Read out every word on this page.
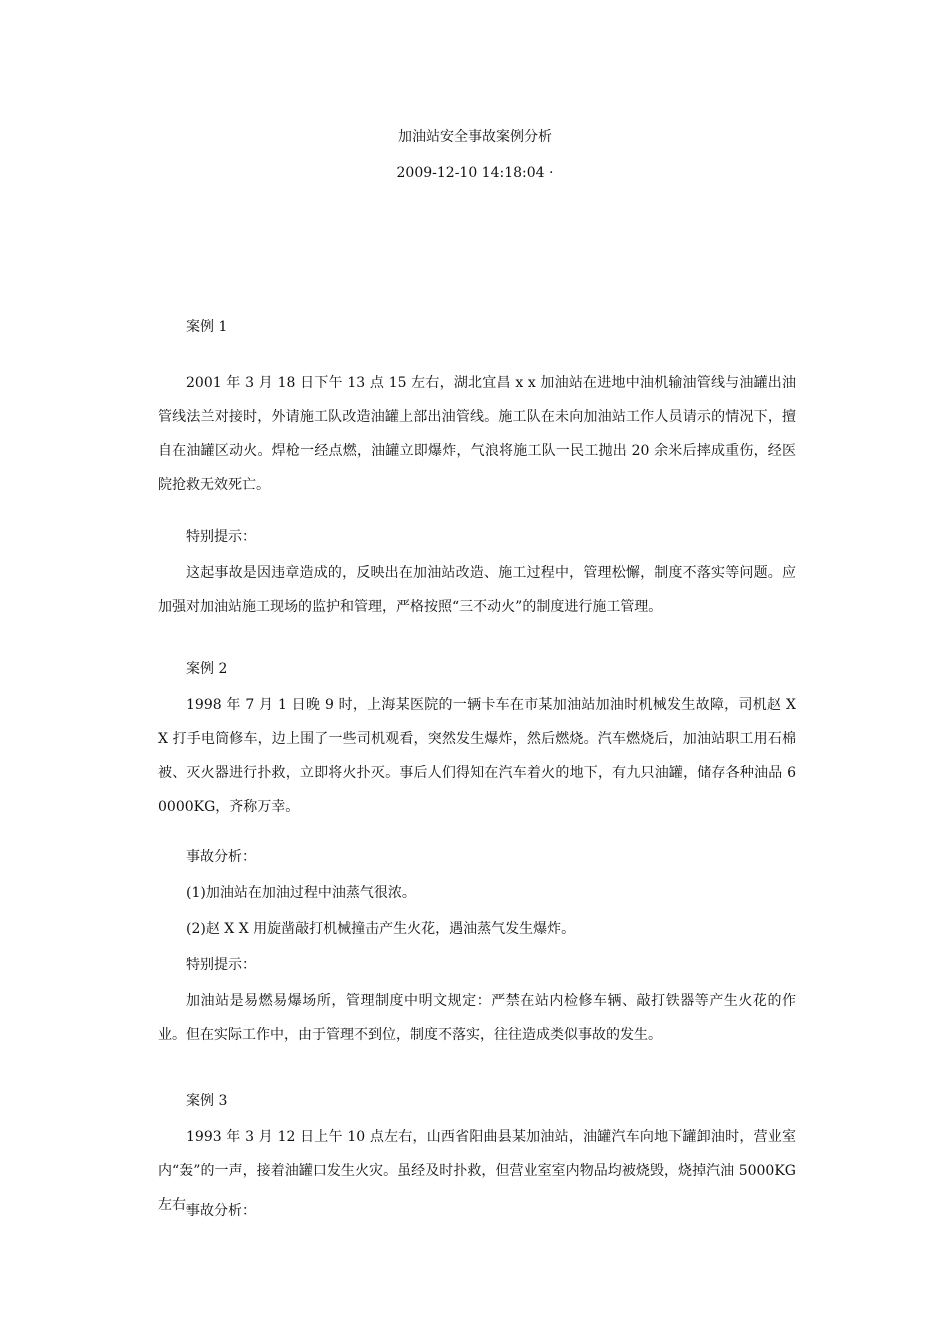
加油站安全事故案例分析
2009-12-10 14:18:04 ·
案例 1
2001 年 3 月 18 日下午 13 点 15 左右，湖北宜昌 x x 加油站在进地中油机输油管线与油罐出油管线法兰对接时，外请施工队改造油罐上部出油管线。施工队在未向加油站工作人员请示的情况下，擅自在油罐区动火。焊枪一经点燃，油罐立即爆炸，气浪将施工队一民工抛出 20 余米后摔成重伤，经医院抢救无效死亡。
特别提示：
这起事故是因违章造成的，反映出在加油站改造、施工过程中，管理松懈，制度不落实等问题。应加强对加油站施工现场的监护和管理，严格按照“三不动火”的制度进行施工管理。
案例 2
1998 年 7 月 1 日晚 9 时，上海某医院的一辆卡车在市某加油站加油时机械发生故障，司机赵 X X 打手电筒修车，边上围了一些司机观看，突然发生爆炸，然后燃烧。汽车燃烧后，加油站职工用石棉被、灭火器进行扑救，立即将火扑灭。事后人们得知在汽车着火的地下，有九只油罐，储存各种油品 60000KG，齐称万幸。
事故分析：
(1)加油站在加油过程中油蒸气很浓。
(2)赵 X X 用旋凿敲打机械撞击产生火花，遇油蒸气发生爆炸。
特别提示：
加油站是易燃易爆场所，管理制度中明文规定：严禁在站内检修车辆、敲打铁器等产生火花的作业。但在实际工作中，由于管理不到位，制度不落实，往往造成类似事故的发生。
案例 3
1993 年 3 月 12 日上午 10 点左右，山西省阳曲县某加油站，油罐汽车向地下罐卸油时，营业室内“轰”的一声，接着油罐口发生火灾。虽经及时扑救，但营业室室内物品均被烧毁，烧掉汽油 5000KG 左右。
事故分析：
